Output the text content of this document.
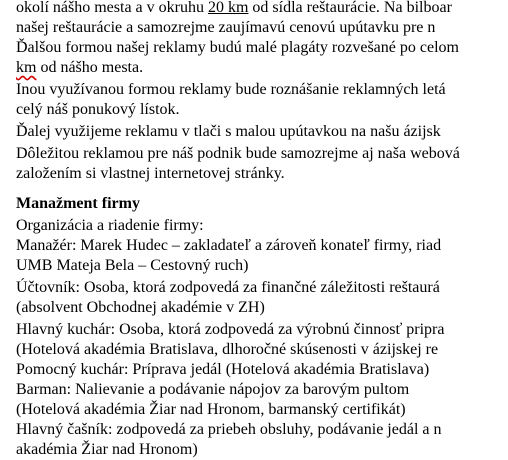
okolí nášho mesta a v okruhu 20 km od sídla reštaurácie. Na bilboar
našej reštaurácie a samozrejme zaujímavú cenovú upútavku pre n
Ďalšou formou našej reklamy budú malé plagáty rozvešané po celom
km od nášho mesta.
Inou využívanou formou reklamy bude roznášanie reklamných letá
celý náš ponukový lístok.
Ďalej využijeme reklamu v tlači s malou upútavkou na našu ázijsk
Dôležitou reklamou pre náš podnik bude samozrejme aj naša webová
založením si vlastnej internetovej stránky.
Manažment firmy
Organizácia a riadenie firmy:
Manažér: Marek Hudec – zakladateľ a zároveň konateľ firmy, riad
UMB Mateja Bela – Cestovný ruch)
Účtovník: Osoba, ktorá zodpovedá za finančné záležitosti reštaurá
(absolvent Obchodnej akadémie v ZH)
Hlavný kuchár: Osoba, ktorá zodpovedá za výrobnú činnosť pripra
(Hotelová akadémia Bratislava, dlhoročné skúsenosti v ázijskej re
Pomocný kuchár: Príprava jedál (Hotelová akadémia Bratislava)
Barman: Nalievanie a podávanie nápojov za barovým pultom
(Hotelová akadémia Žiar nad Hronom, barmanský certifikát)
Hlavný čašník: zodpovedá za priebeh obsluhy, podávanie jedál a n
akadémia Žiar nad Hronom)
